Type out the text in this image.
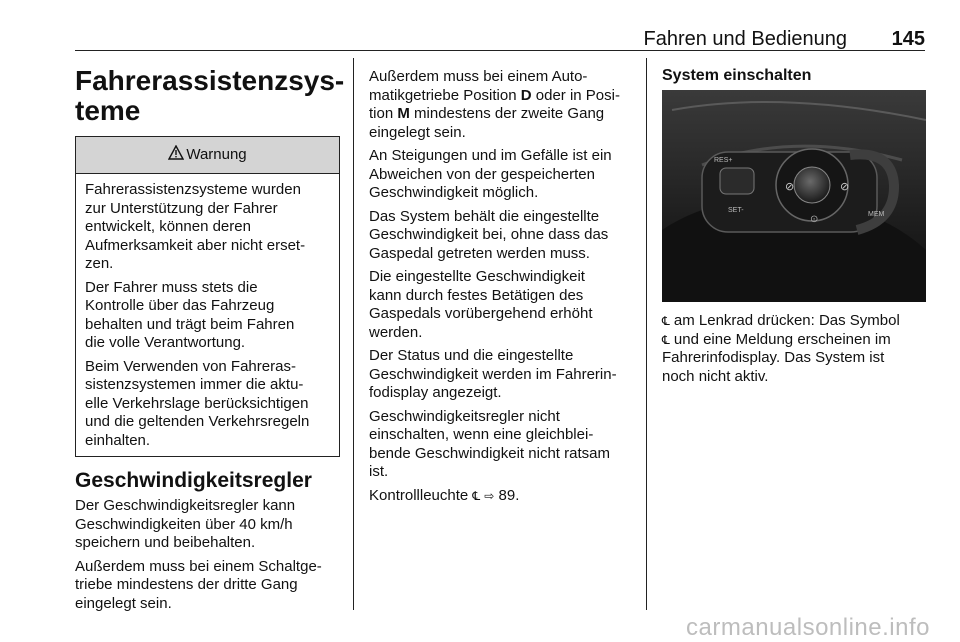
Fahren und Bedienung 145
Fahrerassistenzsys-
teme
Warnung

Fahrerassistenzsysteme wurden
zur Unterstützung der Fahrer
entwickelt, können deren
Aufmerksamkeit aber nicht erset-
zen.

Der Fahrer muss stets die
Kontrolle über das Fahrzeug
behalten und trägt beim Fahren
die volle Verantwortung.

Beim Verwenden von Fahreras-
sistenzsystemen immer die aktu-
elle Verkehrslage berücksichtigen
und die geltenden Verkehrsregeln
einhalten.

Geschwindigkeitsregler

Der Geschwindigkeitsregler kann
Geschwindigkeiten über 40 km/h
speichern und beibehalten.

Außerdem muss bei einem Schaltge-
triebe mindestens der dritte Gang
eingelegt sein.

Außerdem muss bei einem Auto-
matikgetriebe Position D oder in Posi-
tion M mindestens der zweite Gang
eingelegt sein.

An Steigungen und im Gefälle ist ein
Abweichen von der gespeicherten
Geschwindigkeit möglich.

Das System behält die eingestellte
Geschwindigkeit bei, ohne dass das
Gaspedal getreten werden muss.

Die eingestellte Geschwindigkeit
kann durch festes Betätigen des
Gaspedals vorübergehend erhöht
werden.

Der Status und die eingestellte
Geschwindigkeit werden im Fahrerin-
fodisplay angezeigt.

Geschwindigkeitsregler nicht
einschalten, wenn eine gleichblei-
bende Geschwindigkeit nicht ratsam
ist.

Kontrollleuchte ℄ ⇨ 89.

System einschalten
⊘	⊘
⊙
RES+
SET-
MEM

℄ am Lenkrad drücken: Das Symbol
℄ und eine Meldung erscheinen im
Fahrerinfodisplay. Das System ist
noch nicht aktiv.

carmanualsonline.info
